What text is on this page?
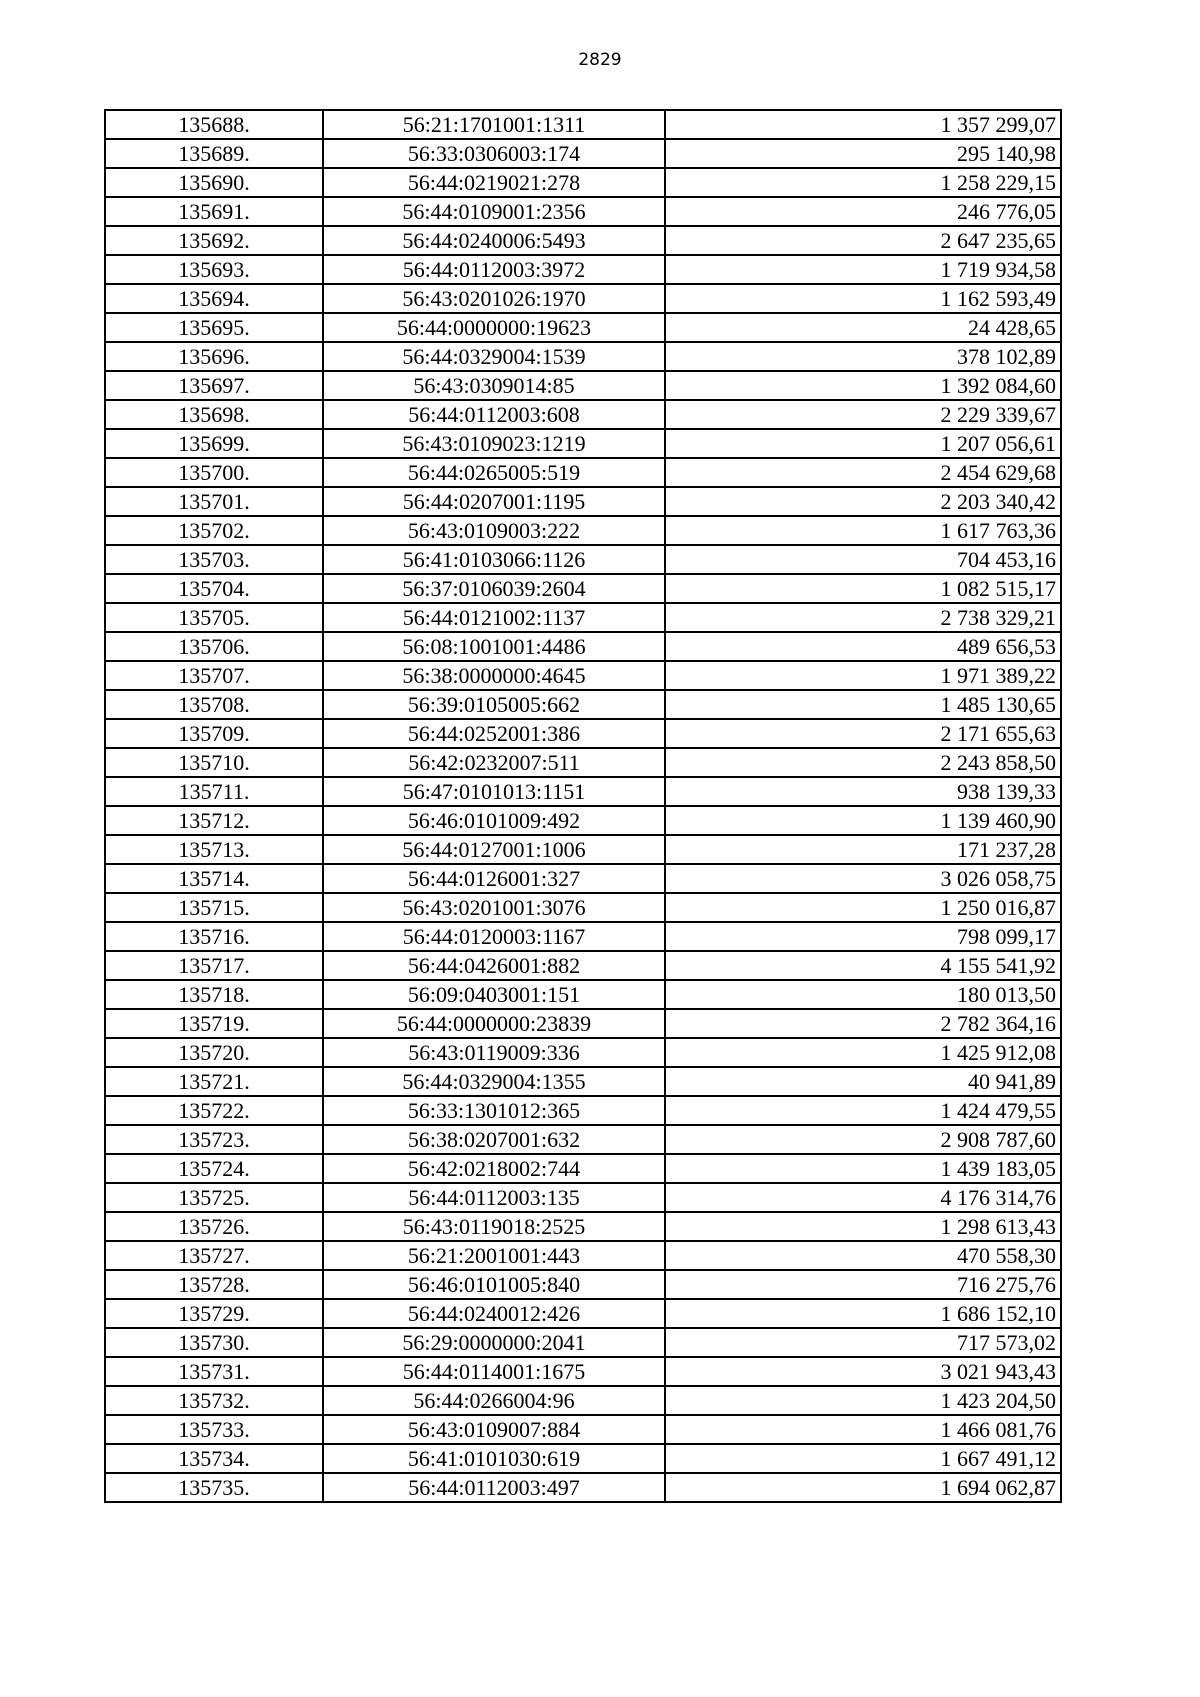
2829
135688.	56:21:1701001:1311	1 357 299,07
135689.	56:33:0306003:174	295 140,98
135690.	56:44:0219021:278	1 258 229,15
135691.	56:44:0109001:2356	246 776,05
135692.	56:44:0240006:5493	2 647 235,65
135693.	56:44:0112003:3972	1 719 934,58
135694.	56:43:0201026:1970	1 162 593,49
135695.	56:44:0000000:19623	24 428,65
135696.	56:44:0329004:1539	378 102,89
135697.	56:43:0309014:85	1 392 084,60
135698.	56:44:0112003:608	2 229 339,67
135699.	56:43:0109023:1219	1 207 056,61
135700.	56:44:0265005:519	2 454 629,68
135701.	56:44:0207001:1195	2 203 340,42
135702.	56:43:0109003:222	1 617 763,36
135703.	56:41:0103066:1126	704 453,16
135704.	56:37:0106039:2604	1 082 515,17
135705.	56:44:0121002:1137	2 738 329,21
135706.	56:08:1001001:4486	489 656,53
135707.	56:38:0000000:4645	1 971 389,22
135708.	56:39:0105005:662	1 485 130,65
135709.	56:44:0252001:386	2 171 655,63
135710.	56:42:0232007:511	2 243 858,50
135711.	56:47:0101013:1151	938 139,33
135712.	56:46:0101009:492	1 139 460,90
135713.	56:44:0127001:1006	171 237,28
135714.	56:44:0126001:327	3 026 058,75
135715.	56:43:0201001:3076	1 250 016,87
135716.	56:44:0120003:1167	798 099,17
135717.	56:44:0426001:882	4 155 541,92
135718.	56:09:0403001:151	180 013,50
135719.	56:44:0000000:23839	2 782 364,16
135720.	56:43:0119009:336	1 425 912,08
135721.	56:44:0329004:1355	40 941,89
135722.	56:33:1301012:365	1 424 479,55
135723.	56:38:0207001:632	2 908 787,60
135724.	56:42:0218002:744	1 439 183,05
135725.	56:44:0112003:135	4 176 314,76
135726.	56:43:0119018:2525	1 298 613,43
135727.	56:21:2001001:443	470 558,30
135728.	56:46:0101005:840	716 275,76
135729.	56:44:0240012:426	1 686 152,10
135730.	56:29:0000000:2041	717 573,02
135731.	56:44:0114001:1675	3 021 943,43
135732.	56:44:0266004:96	1 423 204,50
135733.	56:43:0109007:884	1 466 081,76
135734.	56:41:0101030:619	1 667 491,12
135735.	56:44:0112003:497	1 694 062,87
